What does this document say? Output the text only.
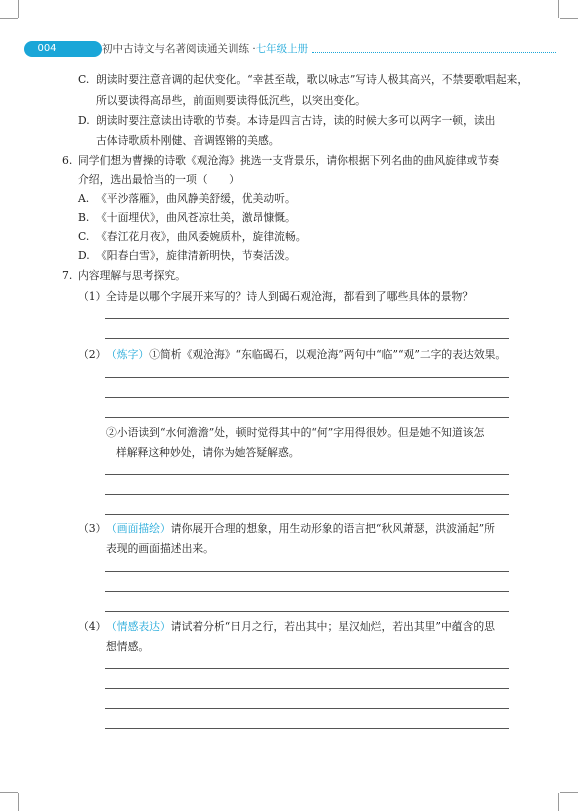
004	初中古诗文与名著阅读通关训练 ·七年级上册
C. 朗读时要注意音调的起伏变化。“幸甚至哉，歌以咏志”写诗人极其高兴，不禁要歌唱起来，
所以要读得高昂些，前面则要读得低沉些，以突出变化。
D. 朗读时要注意读出诗歌的节奏。本诗是四言古诗，读的时候大多可以两字一顿，读出
古体诗歌质朴刚健、音调铿锵的美感。
6. 同学们想为曹操的诗歌《观沧海》挑选一支背景乐，请你根据下列名曲的曲风旋律或节奏
介绍，选出最恰当的一项（　　）
A. 《平沙落雁》，曲风静美舒缓，优美动听。
B. 《十面埋伏》，曲风苍凉壮美，激昂慷慨。
C. 《春江花月夜》，曲风委婉质朴，旋律流畅。
D. 《阳春白雪》，旋律清新明快，节奏活泼。
7. 内容理解与思考探究。
（1） 全诗是以哪个字展开来写的？诗人到碣石观沧海，都看到了哪些具体的景物？
（2） （炼字）①简析《观沧海》“东临碣石，以观沧海”两句中“临”“观”二字的表达效果。
②小语读到“水何澹澹”处，顿时觉得其中的“何”字用得很妙。但是她不知道该怎
样解释这种妙处，请你为她答疑解惑。
（3） （画面描绘）请你展开合理的想象，用生动形象的语言把“秋风萧瑟，洪波涌起”所
表现的画面描述出来。
（4） （情感表达）请试着分析“日月之行，若出其中；星汉灿烂，若出其里”中蕴含的思
想情感。
